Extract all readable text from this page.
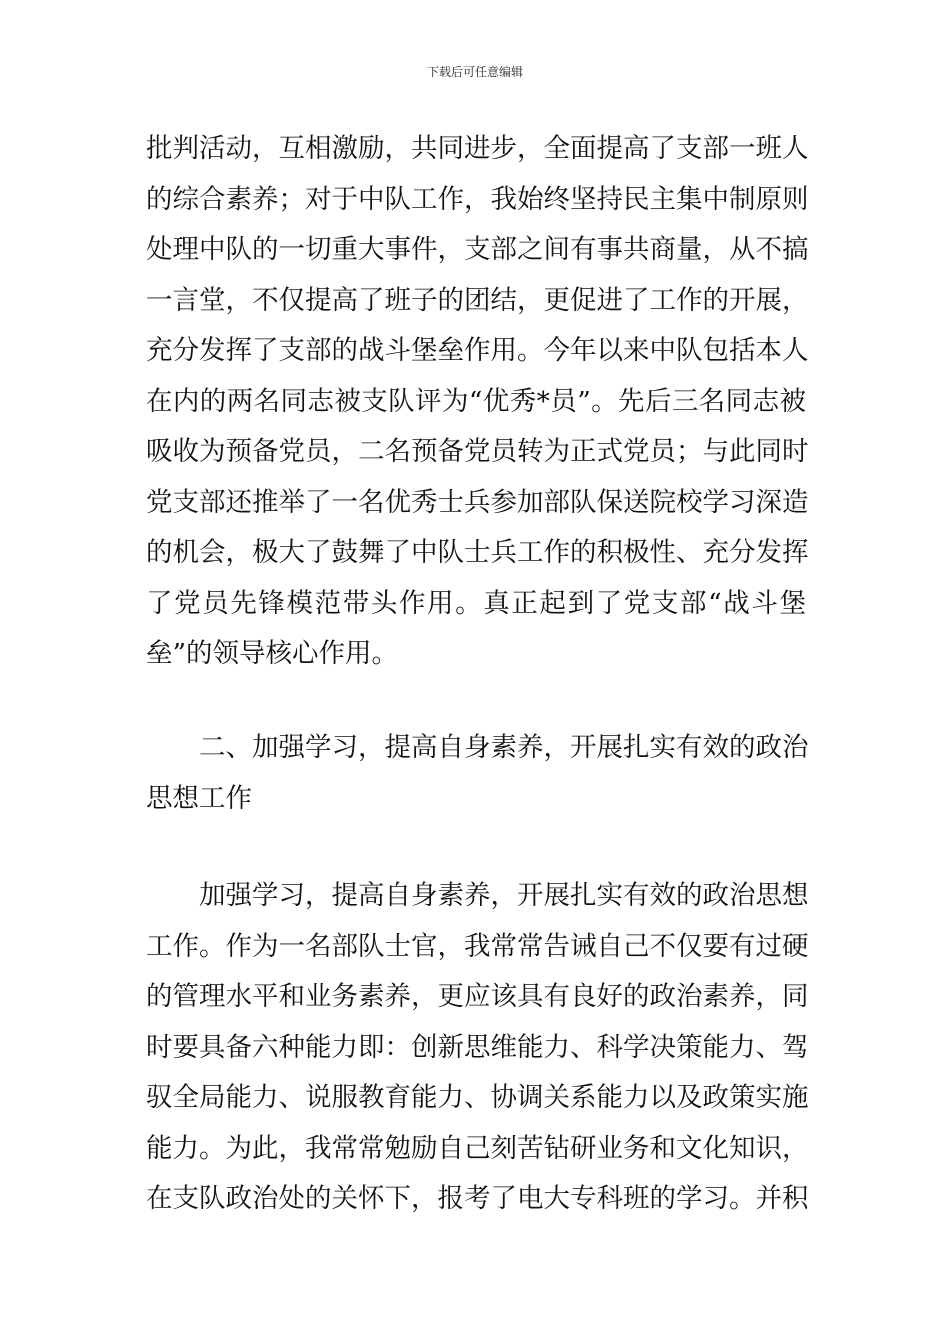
下载后可任意编辑
批判活动，互相激励，共同进步，全面提高了支部一班人
的综合素养；对于中队工作，我始终坚持民主集中制原则
处理中队的一切重大事件，支部之间有事共商量，从不搞
一言堂，不仅提高了班子的团结，更促进了工作的开展，
充分发挥了支部的战斗堡垒作用。今年以来中队包括本人
在内的两名同志被支队评为“优秀*员”。先后三名同志被
吸收为预备党员，二名预备党员转为正式党员；与此同时
党支部还推举了一名优秀士兵参加部队保送院校学习深造
的机会，极大了鼓舞了中队士兵工作的积极性、充分发挥
了党员先锋模范带头作用。真正起到了党支部“战斗堡
垒”的领导核心作用。
二、加强学习，提高自身素养，开展扎实有效的政治
思想工作
加强学习，提高自身素养，开展扎实有效的政治思想
工作。作为一名部队士官，我常常告诫自己不仅要有过硬
的管理水平和业务素养，更应该具有良好的政治素养，同
时要具备六种能力即：创新思维能力、科学决策能力、驾
驭全局能力、说服教育能力、协调关系能力以及政策实施
能力。为此，我常常勉励自己刻苦钻研业务和文化知识，
在支队政治处的关怀下，报考了电大专科班的学习。并积
